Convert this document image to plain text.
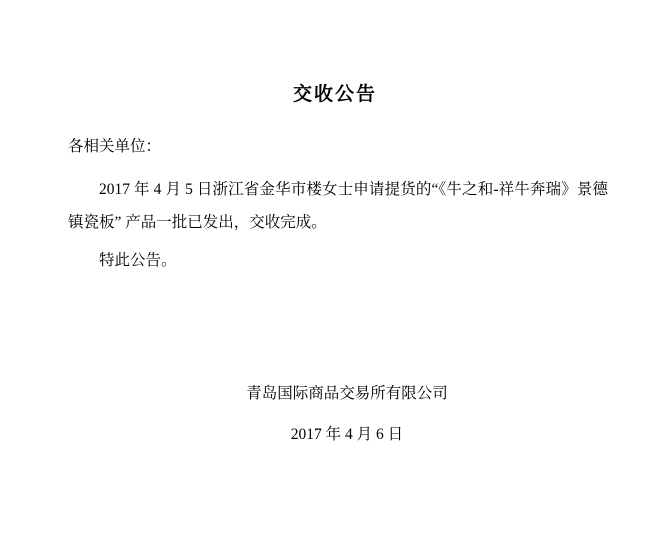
交收公告

各相关单位：

2017 年 4 月 5 日浙江省金华市楼女士申请提货的“《牛之和-祥牛奔瑞》景德镇瓷板” 产品一批已发出，交收完成。

特此公告。

青岛国际商品交易所有限公司
2017 年 4 月 6 日
